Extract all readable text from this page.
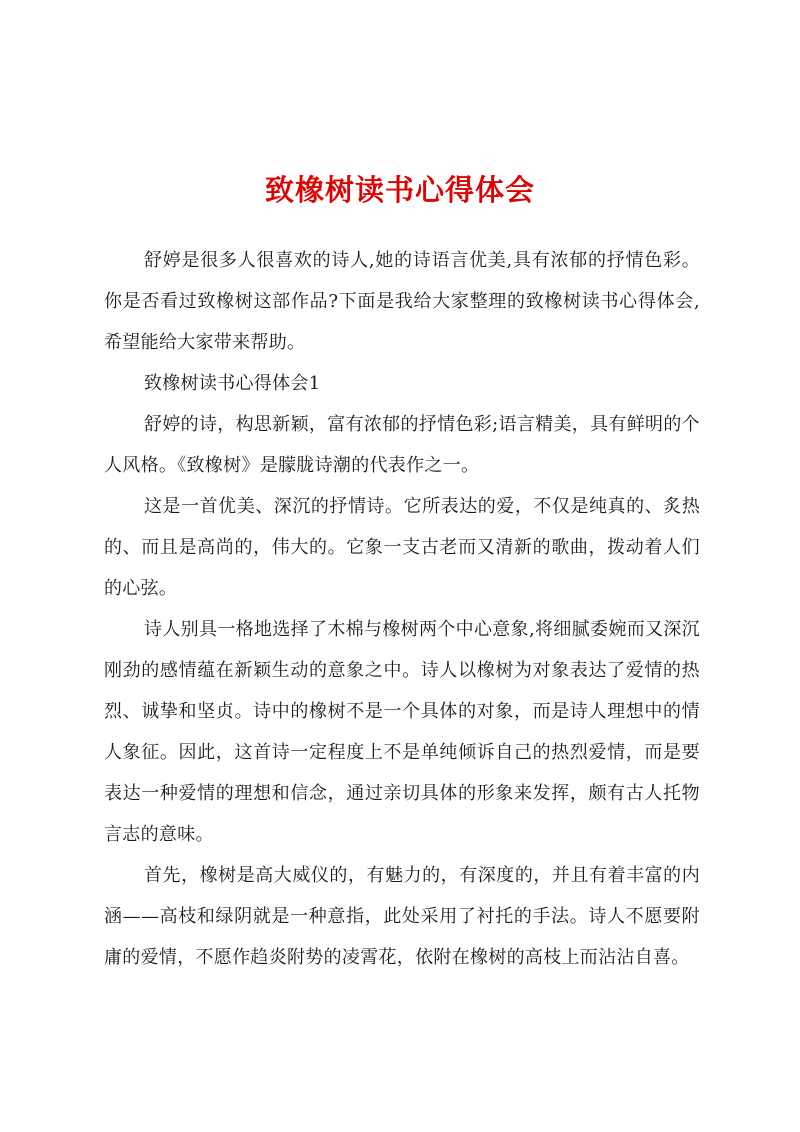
致橡树读书心得体会

舒婷是很多人很喜欢的诗人,她的诗语言优美,具有浓郁的抒情色彩。你是否看过致橡树这部作品?下面是我给大家整理的致橡树读书心得体会,希望能给大家带来帮助。

致橡树读书心得体会1

舒婷的诗，构思新颖，富有浓郁的抒情色彩;语言精美，具有鲜明的个人风格。《致橡树》是朦胧诗潮的代表作之一。

这是一首优美、深沉的抒情诗。它所表达的爱，不仅是纯真的、炙热的、而且是高尚的，伟大的。它象一支古老而又清新的歌曲，拨动着人们的心弦。

诗人别具一格地选择了木棉与橡树两个中心意象,将细腻委婉而又深沉刚劲的感情蕴在新颖生动的意象之中。诗人以橡树为对象表达了爱情的热烈、诚挚和坚贞。诗中的橡树不是一个具体的对象，而是诗人理想中的情人象征。因此，这首诗一定程度上不是单纯倾诉自己的热烈爱情，而是要表达一种爱情的理想和信念，通过亲切具体的形象来发挥，颇有古人托物言志的意味。

首先，橡树是高大威仪的，有魅力的，有深度的，并且有着丰富的内涵——高枝和绿阴就是一种意指，此处采用了衬托的手法。诗人不愿要附庸的爱情，不愿作趋炎附势的凌霄花，依附在橡树的高枝上而沾沾自喜。
